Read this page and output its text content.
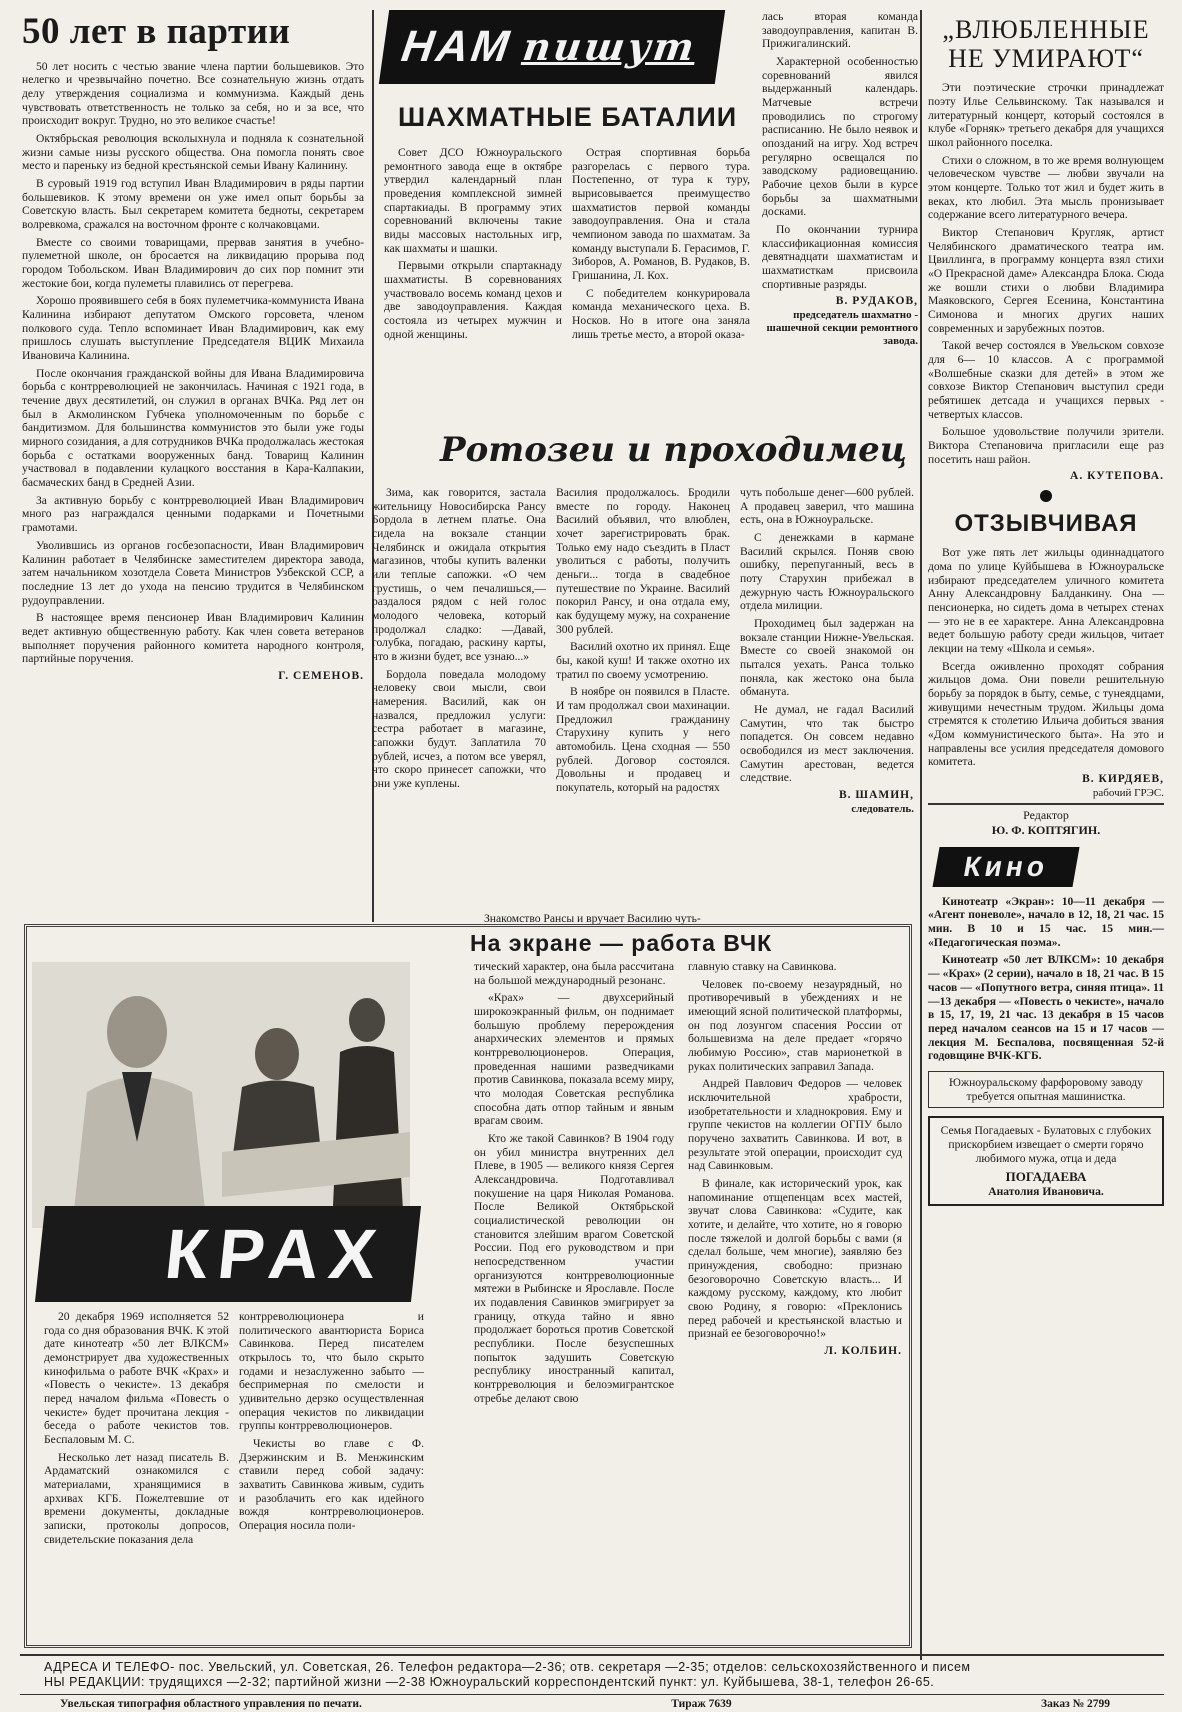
50 лет в партии

50 лет носить с честью звание члена партии большевиков. Это нелегко и чрезвычайно почетно. Все сознательную жизнь отдать делу утверждения социализма и коммунизма. Каждый день чувствовать ответственность не только за себя, но и за все, что происходит вокруг. Трудно, но это великое счастье!

Октябрьская революция всколыхнула и подняла к сознательной жизни самые низы русского общества. Она помогла понять свое место и пареньку из бедной крестьянской семьи Ивану Калинину.

В суровый 1919 год вступил Иван Владимирович в ряды партии большевиков. К этому времени он уже имел опыт борьбы за Советскую власть. Был секретарем комитета бедноты, секретарем волревкома, сражался на восточном фронте с колчаковцами.

Вместе со своими товарищами, прервав занятия в учебно-пулеметной школе, он бросается на ликвидацию прорыва под городом Тобольском. Иван Владимирович до сих пор помнит эти жестокие бои, когда пулеметы плавились от перегрева.

Хорошо проявившего себя в боях пулеметчика-коммуниста Ивана Калинина избирают депутатом Омского горсовета, членом полкового суда. Тепло вспоминает Иван Владимирович, как ему пришлось слушать выступление Председателя ВЦИК Михаила Ивановича Калинина.

После окончания гражданской войны для Ивана Владимировича борьба с контрреволюцией не закончилась. Начиная с 1921 года, в течение двух десятилетий, он служил в органах ВЧКа. Ряд лет он был в Акмолинском Губчека уполномоченным по борьбе с бандитизмом. Для большинства коммунистов это были уже годы мирного созидания, а для сотрудников ВЧКа продолжалась жестокая борьба с остатками вооруженных банд. Товарищ Калинин участвовал в подавлении кулацкого восстания в Кара-Калпакии, басмаческих банд в Средней Азии.

За активную борьбу с контрреволюцией Иван Владимирович много раз награждался ценными подарками и Почетными грамотами.

Уволившись из органов госбезопасности, Иван Владимирович Калинин работает в Челябинске заместителем директора завода, затем начальником хозотдела Совета Министров Узбекской ССР, а последние 13 лет до ухода на пенсию трудится в Челябинском рудоуправлении.

В настоящее время пенсионер Иван Владимирович Калинин ведет активную общественную работу. Как член совета ветеранов выполняет поручения районного комитета народного контроля, партийные поручения.

Г. СЕМЕНОВ.
НАМ пишут
ШАХМАТНЫЕ БАТАЛИИ

Совет ДСО Южноуральского ремонтного завода еще в октябре утвердил календарный план проведения комплексной зимней спартакиады. В программу этих соревнований включены такие виды массовых настольных игр, как шахматы и шашки.

Первыми открыли спартакнаду шахматисты. В соревнованиях участвовало восемь команд цехов и две заводоуправления. Каждая состояла из четырех мужчин и одной женщины.

Острая спортивная борьба разгорелась с первого тура. Постепенно, от тура к туру, вырисовывается преимущество шахматистов первой команды заводоуправления. Она и стала чемпионом завода по шахматам. За команду выступали Б. Герасимов, Г. Зиборов, А. Романов, В. Рудаков, В. Гришанина, Л. Кох.

С победителем конкурировала команда механического цеха. В. Носков. Но в итоге она заняла лишь третье место, а второй оказа-

лась вторая команда заводоуправления, капитан В. Прижигалинский.

Характерной особенностью соревнований явился выдержанный календарь. Матчевые встречи проводились по строгому расписанию. Не было неявок и опозданий на игру. Ход встреч регулярно освещался по заводскому радиовещанию. Рабочие цехов были в курсе борьбы за шахматными досками.

По окончании турнира классификационная комиссия девятнадцати шахматистам и шахматисткам присвоила спортивные разряды.

В. РУДАКОВ,
председатель шахматно - шашечной секции ремонтного завода.
Ротозеи и проходимец

Зима, как говорится, застала жительницу Новосибирска Рансу Бордола в летнем платье. Она сидела на вокзале станции Челябинск и ожидала открытия магазинов, чтобы купить валенки или теплые сапожки. «О чем грустишь, о чем печалишься,— раздалося рядом с ней голос молодого человека, который продолжал сладко: —Давай, голубка, погадаю, раскину карты, что в жизни будет, все узнаю...»

Бордола поведала молодому человеку свои мысли, свои намерения. Василий, как он назвался, предложил услуги: сестра работает в магазине, сапожки будут. Заплатила 70 рублей, исчез, а потом все уверял, что скоро принесет сапожки, что они уже куплены.

Василия продолжалось. Бродили вместе по городу. Наконец Василий объявил, что влюблен, хочет зарегистрировать брак. Только ему надо съездить в Пласт уволиться с работы, получить деньги... тогда в свадебное путешествие по Украине. Василий покорил Рансу, и она отдала ему, как будущему мужу, на сохранение 300 рублей.

Василий охотно их принял. Еще бы, какой куш! И также охотно их тратил по своему усмотрению.

В ноябре он появился в Пласте. И там продолжал свои махинации. Предложил гражданину Старухину купить у него автомобиль. Цена сходная — 550 рублей. Договор состоялся. Довольны и продавец и покупатель, который на радостях

чуть побольше денег—600 рублей. А продавец заверил, что машина есть, она в Южноуральске.

С денежками в кармане Василий скрылся. Поняв свою ошибку, перепуганный, весь в поту Старухин прибежал в дежурную часть Южноуральского отдела милиции.

Проходимец был задержан на вокзале станции Нижне-Увельская. Вместе со своей знакомой он пытался уехать. Ранса только поняла, как жестоко она была обманута.

Не думал, не гадал Василий Самутин, что так быстро попадется. Он совсем недавно освободился из мест заключения. Самутин арестован, ведется следствие.

В. ШАМИН,
следователь.
Знакомство Рансы и вручает Василию чуть-
„ВЛЮБЛЕННЫЕ НЕ УМИРАЮТ“

Эти поэтические строчки принадлежат поэту Илье Сельвинскому. Так назывался и литературный концерт, который состоялся в клубе «Горняк» третьего декабря для учащихся школ районного поселка.

Стихи о сложном, в то же время волнующем человеческом чувстве — любви звучали на этом концерте. Только тот жил и будет жить в веках, кто любил. Эта мысль пронизывает содержание всего литературного вечера.

Виктор Степанович Кругляк, артист Челябинского драматического театра им. Цвиллинга, в программу концерта взял стихи «О Прекрасной даме» Александра Блока. Сюда же вошли стихи о любви Владимира Маяковского, Сергея Есенина, Константина Симонова и многих других наших современных и зарубежных поэтов.

Такой вечер состоялся в Увельском совхозе для 6— 10 классов. А с программой «Волшебные сказки для детей» в этом же совхозе Виктор Степанович выступил среди ребятишек детсада и учащихся первых - четвертых классов.

Большое удовольствие получили зрители. Виктора Степановича пригласили еще раз посетить наш район.

А. КУТЕПОВА.
ОТЗЫВЧИВАЯ

Вот уже пять лет жильцы одиннадцатого дома по улице Куйбышева в Южноуральске избирают председателем уличного комитета Анну Александровну Балданкину. Она — пенсионерка, но сидеть дома в четырех стенах — это не в ее характере. Анна Александровна ведет большую работу среди жильцов, читает лекции на тему «Школа и семья».

Всегда оживленно проходят собрания жильцов дома. Они повели решительную борьбу за порядок в быту, семье, с тунеядцами, живущими нечестным трудом. Жильцы дома стремятся к столетию Ильича добиться звания «Дом коммунистического быта». На это и направлены все усилия председателя домового комитета.

В. КИРДЯЕВ,
рабочий ГРЭС.
Редактор
Ю. Ф. КОПТЯГИН.
Кино

Кинотеатр «Экран»: 10—11 декабря — «Агент поневоле», начало в 12, 18, 21 час. 15 мин. В 10 и 15 час. 15 мин.— «Педагогическая поэма».

Кинотеатр «50 лет ВЛКСМ»: 10 декабря — «Крах» (2 серии), начало в 18, 21 час. В 15 часов — «Попутного ветра, синяя птица». 11—13 декабря — «Повесть о чекисте», начало в 15, 17, 19, 21 час. 13 декабря в 15 часов перед началом сеансов на 15 и 17 часов — лекция М. Беспалова, посвященная 52-й годовщине ВЧК-КГБ.

Южноуральскому фарфоровому заводу требуется опытная машинистка.
Семья Погадаевых - Булатовых с глубоких прискорбием извещает о смерти горячо любимого мужа, отца и деда
ПОГАДАЕВА
Анатолия Ивановича.
На экране — работа ВЧК
КРАХ

20 декабря 1969 исполняется 52 года со дня образования ВЧК. К этой дате кинотеатр «50 лет ВЛКСМ» демонстрирует два художественных кинофильма о работе ВЧК «Крах» и «Повесть о чекисте». 13 декабря перед началом фильма «Повесть о чекисте» будет прочитана лекция - беседа о работе чекистов тов. Беспаловым М. С.

Несколько лет назад писатель В. Ардаматский ознакомился с материалами, хранящимися в архивах КГБ. Пожелтевшие от времени документы, докладные записки, протоколы допросов, свидетельские показания дела

контрреволюционера и политического авантюриста Бориса Савинкова. Перед писателем открылось то, что было скрыто годами и незаслуженно забыто — беспримерная по смелости и удивительно дерзко осуществленная операция чекистов по ликвидации группы контрреволюционеров.

Чекисты во главе с Ф. Дзержинским и В. Менжинским ставили перед собой задачу: захватить Савинкова живым, судить и разоблачить его как идейного вождя контрреволюционеров. Операция носила поли-

тический характер, она была рассчитана на большой международный резонанс.

«Крах» — двухсерийный широкоэкранный фильм, он поднимает большую проблему перерождения анархических элементов и прямых контрреволюционеров. Операция, проведенная нашими разведчиками против Савинкова, показала всему миру, что молодая Советская республика способна дать отпор тайным и явным врагам своим.

Кто же такой Савинков? В 1904 году он убил министра внутренних дел Плеве, в 1905 — великого князя Сергея Александровича. Подготавливал покушение на царя Николая Романова. После Великой Октябрьской социалистической революции он становится злейшим врагом Советской России. Под его руководством и при непосредственном участии организуются контрреволюционные мятежи в Рыбинске и Ярославле. После их подавления Савинков эмигрирует за границу, откуда тайно и явно продолжает бороться против Советской республики. После безуспешных попыток задушить Советскую республику иностранный капитал, контрреволюция и белоэмигрантское отребье делают свою

главную ставку на Савинкова.

Человек по-своему незаурядный, но противоречивый в убеждениях и не имеющий ясной политической платформы, он под лозунгом спасения России от большевизма на деле предает «горячо любимую Россию», став марионеткой в руках политических заправил Запада.

Андрей Павлович Федоров — человек исключительной храбрости, изобретательности и хладнокровия. Ему и группе чекистов на коллегии ОГПУ было поручено захватить Савинкова. И вот, в результате этой операции, происходит суд над Савинковым.

В финале, как исторический урок, как напоминание отщепенцам всех мастей, звучат слова Савинкова: «Судите, как хотите, и делайте, что хотите, но я говорю после тяжелой и долгой борьбы с вами (я сделал больше, чем многие), заявляю без принуждения, свободно: признаю безоговорочно Советскую власть... И каждому русскому, каждому, кто любит свою Родину, я говорю: «Преклонись перед рабочей и крестьянской властью и признай ее безоговорочно!»

Л. КОЛБИН.
АДРЕСА И ТЕЛЕФО- пос. Увельский, ул. Советская, 26. Телефон редактора—2-36; отв. секретаря —2-35; отделов: сельскохозяйственного и писем
НЫ РЕДАКЦИИ: трудящихся —2-32; партийной жизни —2-38 Южноуральский корреспондентский пункт: ул. Куйбышева, 38-1, телефон 26-65.
Увельская типография областного управления по печати.	Тираж 7639	Заказ № 2799
